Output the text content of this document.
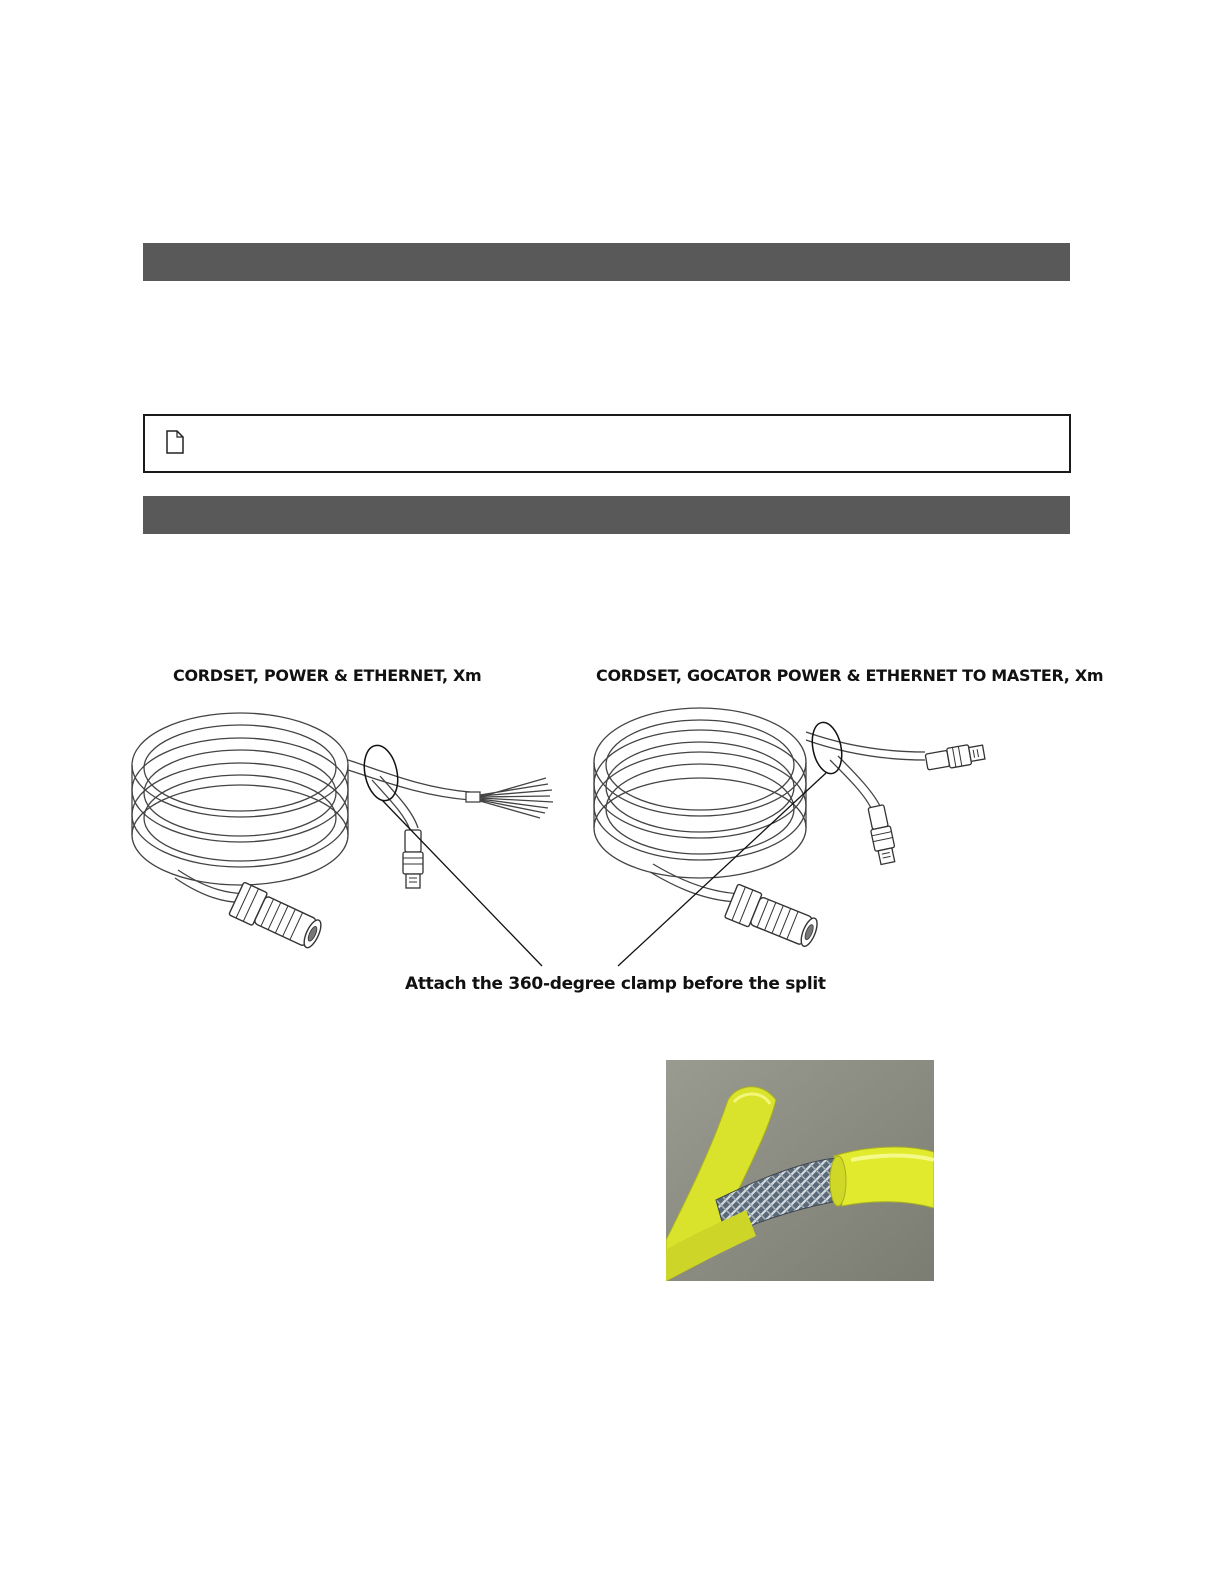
CORDSET, POWER & ETHERNET, Xm	CORDSET, GOCATOR POWER & ETHERNET TO MASTER, Xm
Attach the 360-degree clamp before the split
